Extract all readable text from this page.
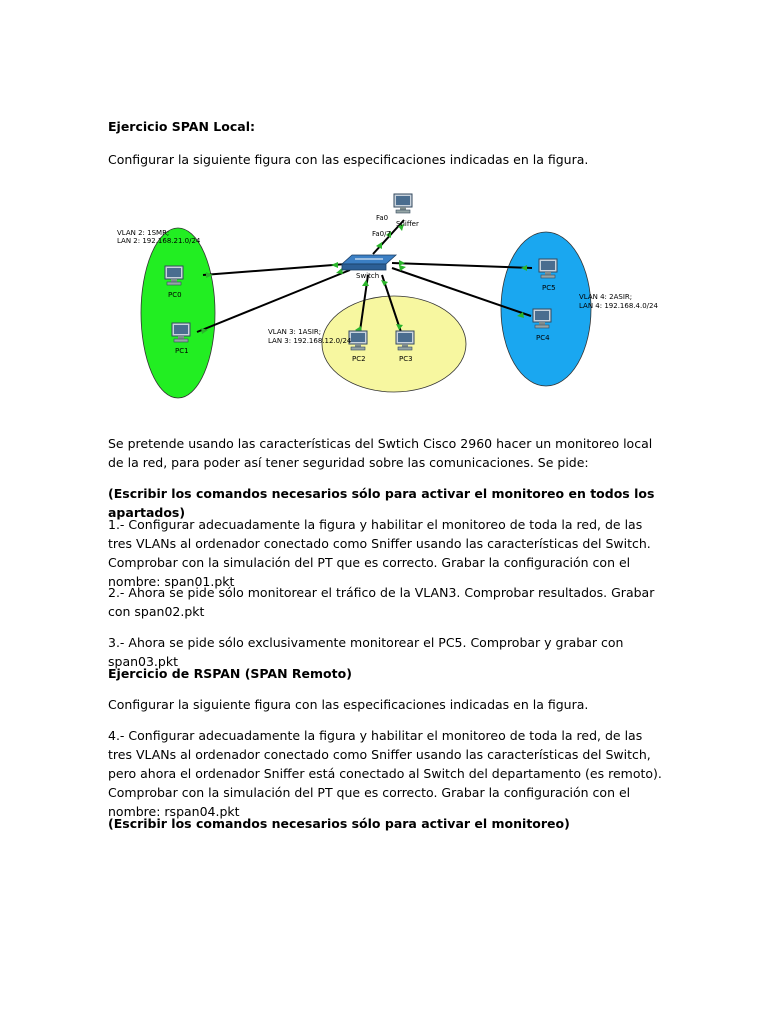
Ejercicio SPAN Local:

Configurar la siguiente figura con las especificaciones indicadas en la figura.

Switch
Fa0
Sniffer
Fa0/7
PC0
PC1
PC2	PC3
PC5
PC4
VLAN 2: 1SMR;
LAN 2: 192.168.21.0/24
VLAN 3: 1ASIR;
LAN 3: 192.168.12.0/24
VLAN 4: 2ASIR;
LAN 4: 192.168.4.0/24

Se pretende usando las características del Swtich Cisco 2960 hacer un monitoreo local de la red, para poder así tener seguridad sobre las comunicaciones. Se pide:

(Escribir los comandos necesarios sólo para activar el monitoreo en todos los apartados)

1.- Configurar adecuadamente la figura y habilitar el monitoreo de toda la red, de las tres VLANs al ordenador conectado como Sniffer usando las características del Switch. Comprobar con la simulación del PT que es correcto. Grabar la configuración con el nombre: span01.pkt

2.- Ahora se pide sólo monitorear el tráfico de la VLAN3. Comprobar resultados. Grabar con span02.pkt

3.- Ahora se pide sólo exclusivamente monitorear el PC5. Comprobar y grabar con span03.pkt

Ejercicio de RSPAN (SPAN Remoto)

Configurar la siguiente figura con las especificaciones indicadas en la figura.

4.- Configurar adecuadamente la figura y habilitar el monitoreo de toda la red, de las tres VLANs al ordenador conectado como Sniffer usando las características del Switch, pero ahora el ordenador Sniffer está conectado al Switch del departamento (es remoto). Comprobar con la simulación del PT que es correcto. Grabar la configuración con el nombre: rspan04.pkt

(Escribir los comandos necesarios sólo para activar el monitoreo)
